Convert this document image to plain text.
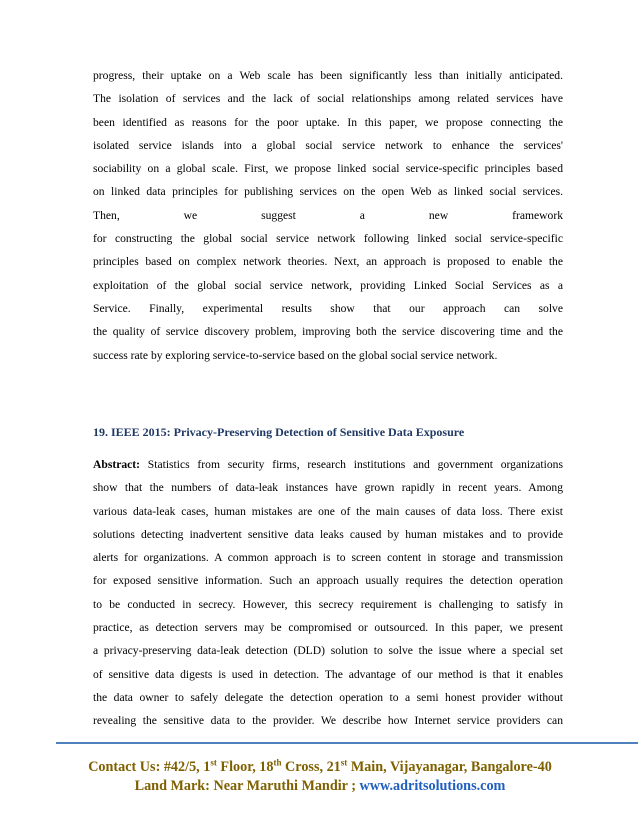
progress, their uptake on a Web scale has been significantly less than initially anticipated.
The isolation of services and the lack of social relationships among related services have
been identified as reasons for the poor uptake. In this paper, we propose connecting the
isolated service islands into a global social service network to enhance the services'
sociability on a global scale. First, we propose linked social service-specific principles based
on linked data principles for publishing services on the open Web as linked social services.
Then, we suggest a new framework
for constructing the global social service network following linked social service-specific
principles based on complex network theories. Next, an approach is proposed to enable the
exploitation of the global social service network, providing Linked Social Services as a
Service. Finally, experimental results show that our approach can solve
the quality of service discovery problem, improving both the service discovering time and the
success rate by exploring service-to-service based on the global social service network.

19. IEEE 2015: Privacy-Preserving Detection of Sensitive Data Exposure

Abstract: Statistics from security firms, research institutions and government organizations
show that the numbers of data-leak instances have grown rapidly in recent years. Among
various data-leak cases, human mistakes are one of the main causes of data loss. There exist
solutions detecting inadvertent sensitive data leaks caused by human mistakes and to provide
alerts for organizations. A common approach is to screen content in storage and transmission
for exposed sensitive information. Such an approach usually requires the detection operation
to be conducted in secrecy. However, this secrecy requirement is challenging to satisfy in
practice, as detection servers may be compromised or outsourced. In this paper, we present
a privacy-preserving data-leak detection (DLD) solution to solve the issue where a special set
of sensitive data digests is used in detection. The advantage of our method is that it enables
the data owner to safely delegate the detection operation to a semi honest provider without
revealing the sensitive data to the provider. We describe how Internet service providers can

Contact Us: #42/5, 1st Floor, 18th Cross, 21st Main, Vijayanagar, Bangalore-40
Land Mark: Near Maruthi Mandir ; www.adritsolutions.com
